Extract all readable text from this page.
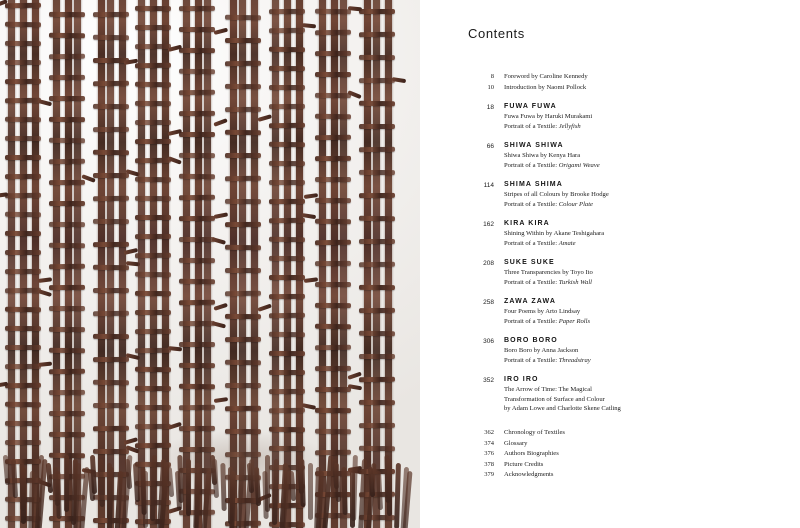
Contents
8	Foreword by Caroline Kennedy
10	Introduction by Naomi Pollock
18	FUWA FUWA
Fuwa Fuwa by Haruki Murakami
Portrait of a Textile: Jellyfish
66	SHIWA SHIWA
Shiwa Shiwa by Kenya Hara
Portrait of a Textile: Origami Weave
114	SHIMA SHIMA
Stripes of all Colours by Brooke Hodge
Portrait of a Textile: Colour Plate
162	KIRA KIRA
Shining Within by Akane Teshigahara
Portrait of a Textile: Amate
208	SUKE SUKE
Three Transparencies by Toyo Ito
Portrait of a Textile: Turkish Wall
258	ZAWA ZAWA
Four Poems by Arto Lindsay
Portrait of a Textile: Paper Rolls
306	BORO BORO
Boro Boro by Anna Jackson
Portrait of a Textile: Threadstray
352	IRO IRO
The Arrow of Time: The Magical
Transformation of Surface and Colour
by Adam Lowe and Charlotte Skene Catling
362	Chronology of Textiles
374	Glossary
376	Authors Biographies
378	Picture Credits
379	Acknowledgments
